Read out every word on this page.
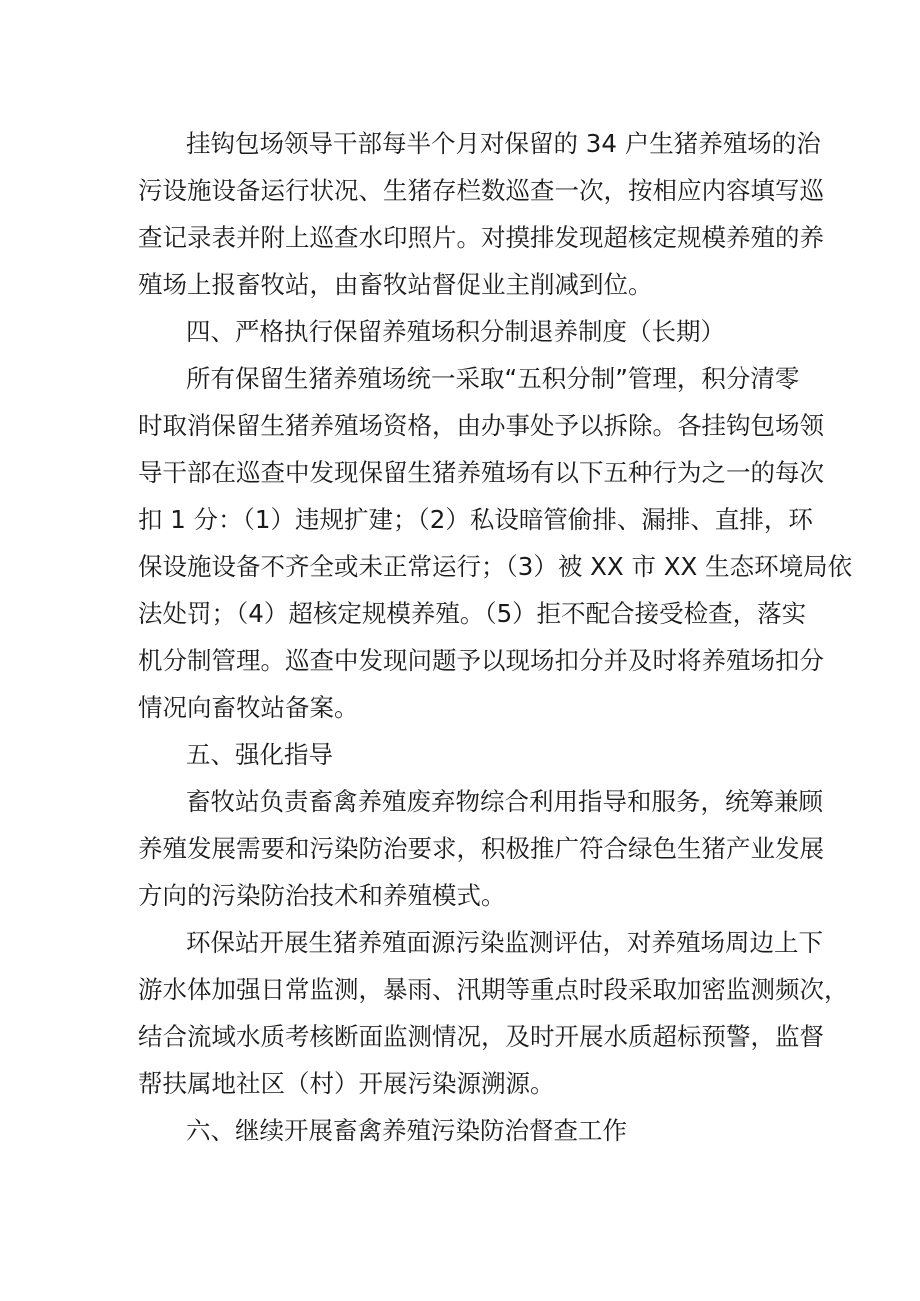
挂钩包场领导干部每半个月对保留的 34 户生猪养殖场的治
污设施设备运行状况、生猪存栏数巡查一次，按相应内容填写巡
查记录表并附上巡查水印照片。对摸排发现超核定规模养殖的养
殖场上报畜牧站，由畜牧站督促业主削减到位。
四、严格执行保留养殖场积分制退养制度（长期）
所有保留生猪养殖场统一采取“五积分制”管理，积分清零
时取消保留生猪养殖场资格，由办事处予以拆除。各挂钩包场领
导干部在巡查中发现保留生猪养殖场有以下五种行为之一的每次
扣 1 分：（1）违规扩建；（2）私设暗管偷排、漏排、直排，环
保设施设备不齐全或未正常运行；（3）被 XX 市 XX 生态环境局依
法处罚；（4）超核定规模养殖。（5）拒不配合接受检查，落实
机分制管理。巡查中发现问题予以现场扣分并及时将养殖场扣分
情况向畜牧站备案。
五、强化指导
畜牧站负责畜禽养殖废弃物综合利用指导和服务，统筹兼顾
养殖发展需要和污染防治要求，积极推广符合绿色生猪产业发展
方向的污染防治技术和养殖模式。
环保站开展生猪养殖面源污染监测评估，对养殖场周边上下
游水体加强日常监测，暴雨、汛期等重点时段采取加密监测频次，
结合流域水质考核断面监测情况，及时开展水质超标预警，监督
帮扶属地社区（村）开展污染源溯源。
六、继续开展畜禽养殖污染防治督查工作
